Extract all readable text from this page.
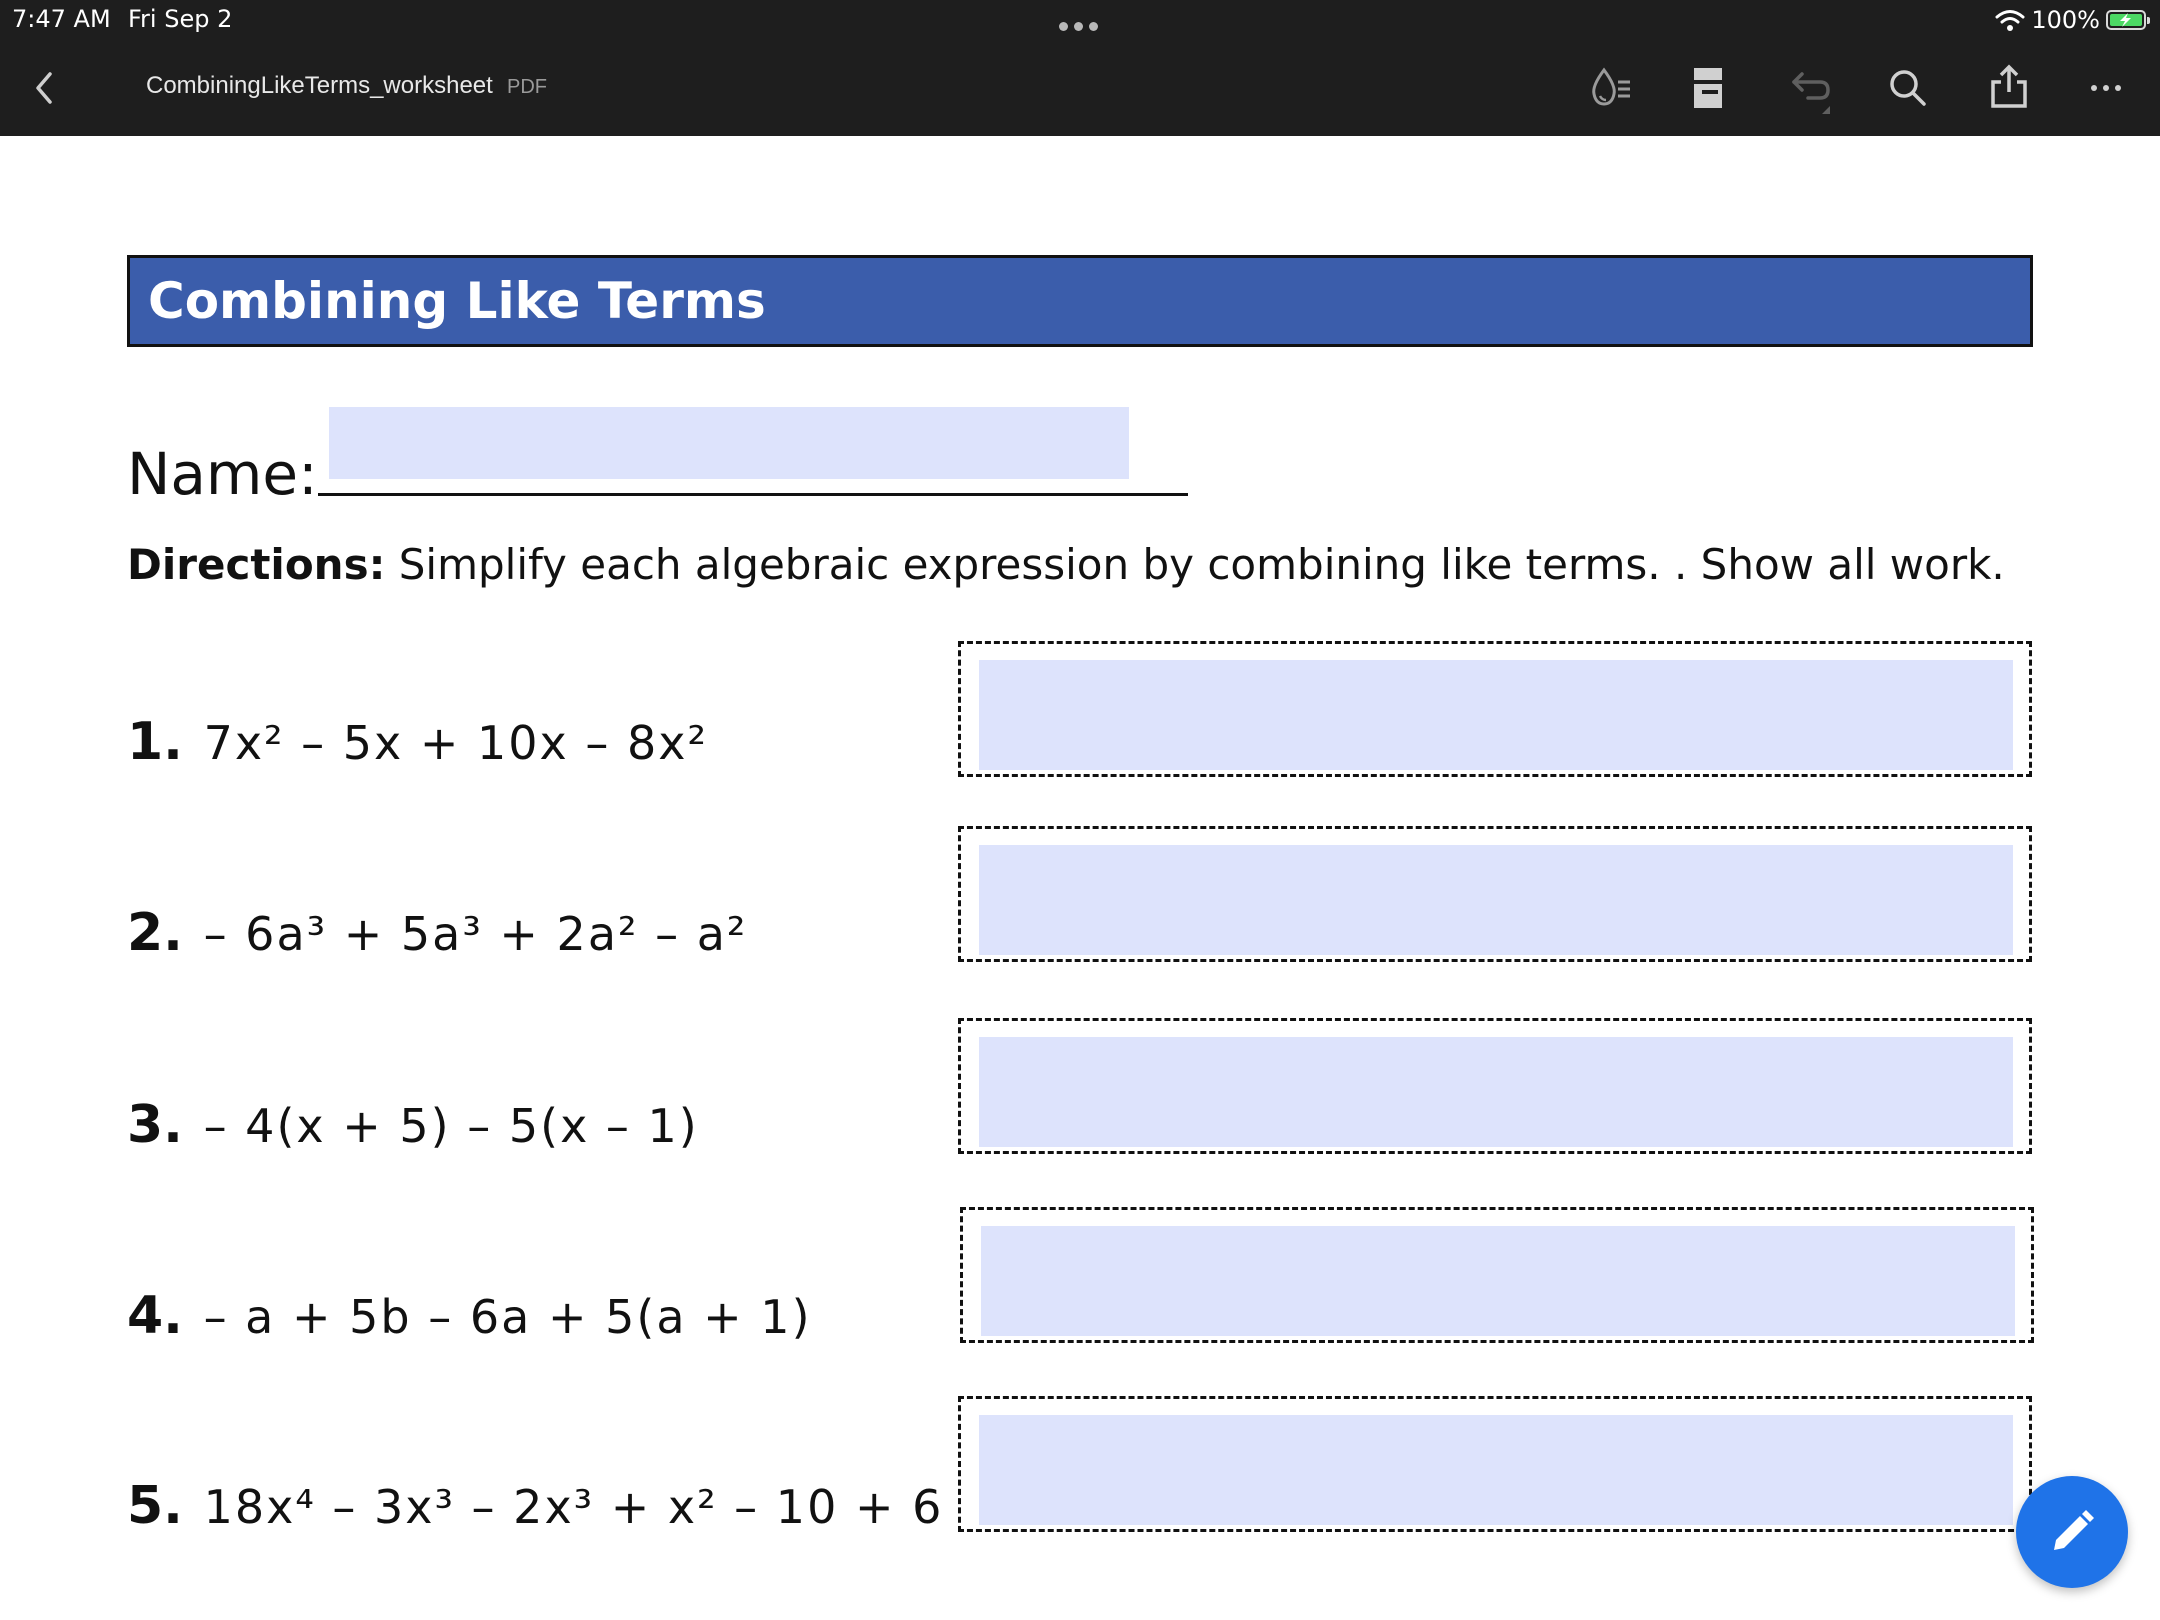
7:47 AM Fri Sep 2	100%
CombiningLikeTerms_worksheet PDF
Combining Like Terms
Name:
Directions: Simplify each algebraic expression by combining like terms. . Show all work.
1. 7x² – 5x + 10x – 8x²
2. – 6a³ + 5a³ + 2a² – a²
3. – 4(x + 5) – 5(x – 1)
4. – a + 5b – 6a + 5(a + 1)
5. 18x⁴ – 3x³ – 2x³ + x² – 10 + 6
